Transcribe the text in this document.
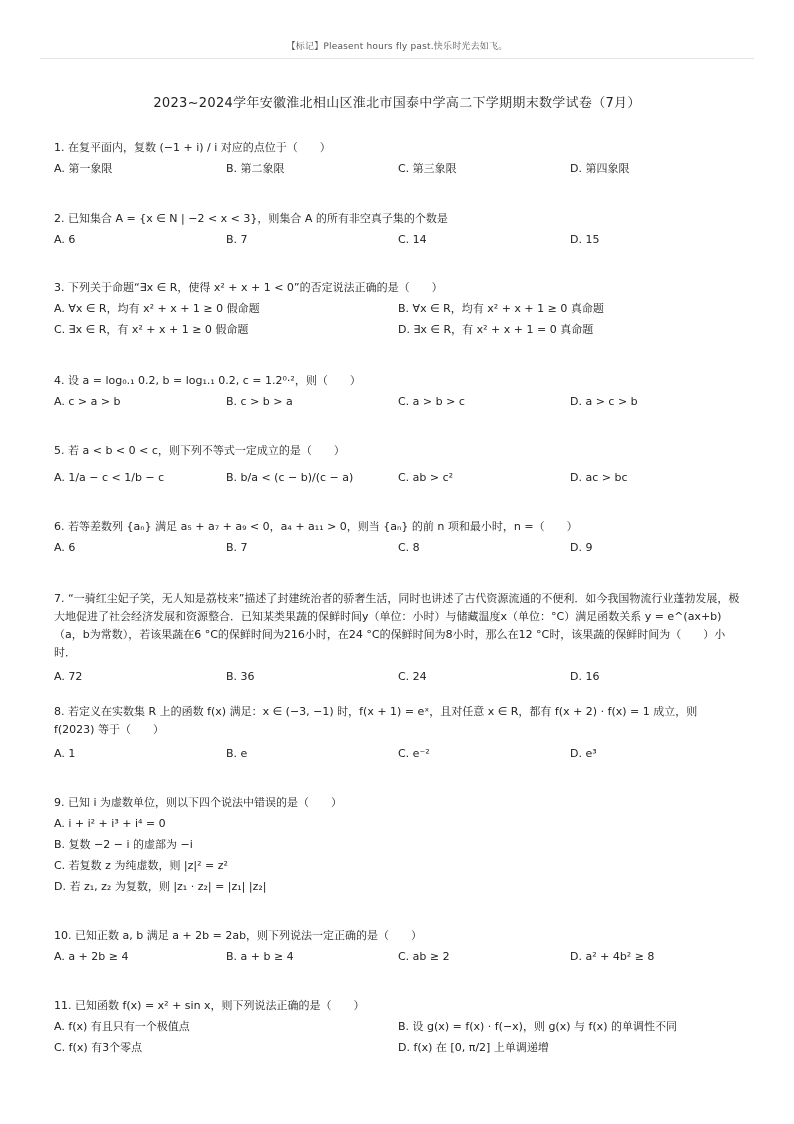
【标记】Pleasent hours fly past.快乐时光去如飞。
2023~2024学年安徽淮北相山区淮北市国泰中学高二下学期期末数学试卷（7月）

1. 在复平面内，复数 (−1 + i) / i 对应的点位于（　　）

A. 第一象限	B. 第二象限	C. 第三象限	D. 第四象限

2. 已知集合 A = {x ∈ N | −2 < x < 3}，则集合 A 的所有非空真子集的个数是

A. 6	B. 7	C. 14	D. 15

3. 下列关于命题“∃x ∈ R，使得 x² + x + 1 < 0”的否定说法正确的是（　　）

A. ∀x ∈ R，均有 x² + x + 1 ≥ 0 假命题	B. ∀x ∈ R，均有 x² + x + 1 ≥ 0 真命题
C. ∃x ∈ R，有 x² + x + 1 ≥ 0 假命题	D. ∃x ∈ R，有 x² + x + 1 = 0 真命题

4. 设 a = log₀.₁ 0.2, b = log₁.₁ 0.2, c = 1.2⁰·²，则（　　）

A. c > a > b	B. c > b > a	C. a > b > c	D. a > c > b

5. 若 a < b < 0 < c，则下列不等式一定成立的是（　　）

A. 1/a − c < 1/b − c	B. b/a < (c − b)/(c − a)	C. ab > c²	D. ac > bc

6. 若等差数列 {aₙ} 满足 a₅ + a₇ + a₉ < 0，a₄ + a₁₁ > 0，则当 {aₙ} 的前 n 项和最小时，n =（　　）

A. 6	B. 7	C. 8	D. 9

7. “一骑红尘妃子笑，无人知是荔枝来”描述了封建统治者的骄奢生活，同时也讲述了古代资源流通的不便利．如今我国物流行业蓬勃发展，极大地促进了社会经济发展和资源整合．已知某类果蔬的保鲜时间y（单位：小时）与储藏温度x（单位：°C）满足函数关系 y = e^(ax+b)（a，b为常数），若该果蔬在6 °C的保鲜时间为216小时，在24 °C的保鲜时间为8小时，那么在12 °C时，该果蔬的保鲜时间为（　　）小时．

A. 72	B. 36	C. 24	D. 16

8. 若定义在实数集 R 上的函数 f(x) 满足：x ∈ (−3, −1) 时，f(x + 1) = eˣ，且对任意 x ∈ R，都有 f(x + 2) · f(x) = 1 成立，则 f(2023) 等于（　　）

A. 1	B. e	C. e⁻²	D. e³

9. 已知 i 为虚数单位，则以下四个说法中错误的是（　　）

A. i + i² + i³ + i⁴ = 0
B. 复数 −2 − i 的虚部为 −i
C. 若复数 z 为纯虚数，则 |z|² = z²
D. 若 z₁, z₂ 为复数，则 |z₁ · z₂| = |z₁| |z₂|

10. 已知正数 a, b 满足 a + 2b = 2ab，则下列说法一定正确的是（　　）

A. a + 2b ≥ 4	B. a + b ≥ 4	C. ab ≥ 2	D. a² + 4b² ≥ 8

11. 已知函数 f(x) = x² + sin x，则下列说法正确的是（　　）

A. f(x) 有且只有一个极值点	B. 设 g(x) = f(x) · f(−x)，则 g(x) 与 f(x) 的单调性不同
C. f(x) 有3个零点	D. f(x) 在 [0, π/2] 上单调递增
